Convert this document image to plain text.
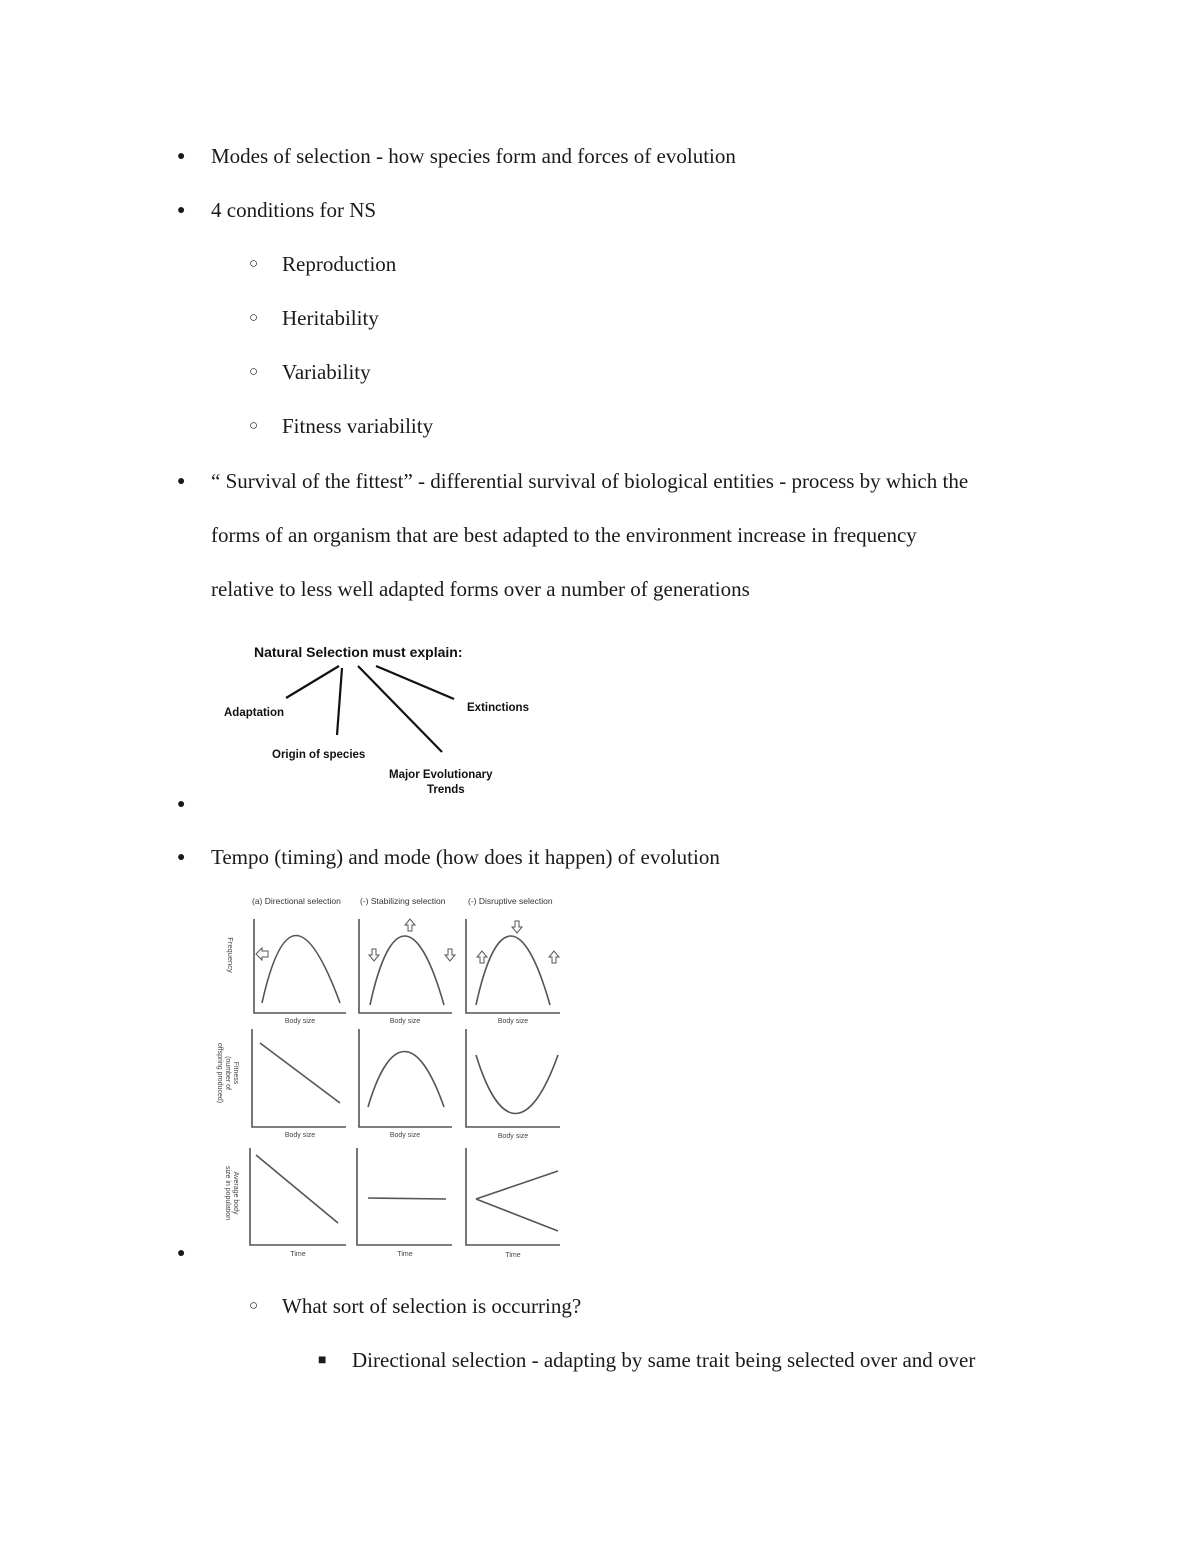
●
Modes of selection - how species form and forces of evolution
●
4 conditions for NS
○
Reproduction
○
Heritability
○
Variability
○
Fitness variability
●
“ Survival of the fittest” - differential survival of biological entities - process by which the
forms of an organism that are best adapted to the environment increase in frequency
relative to less well adapted forms over a number of generations
●
Natural Selection must explain:
Adaptation
Origin of species
Major Evolutionary
Trends
Extinctions
●
Tempo (timing) and mode (how does it happen) of evolution
●
(a) Directional selection (-) Stabilizing selection	(-) Disruptive selection
Frequency
Fitness
(number of
offspring produced)
Average body
size in population
Body size	Body size	Body size
Body size	Body size	Body size
Time	Time	Time
○
What sort of selection is occurring?
■
Directional selection - adapting by same trait being selected over and over
